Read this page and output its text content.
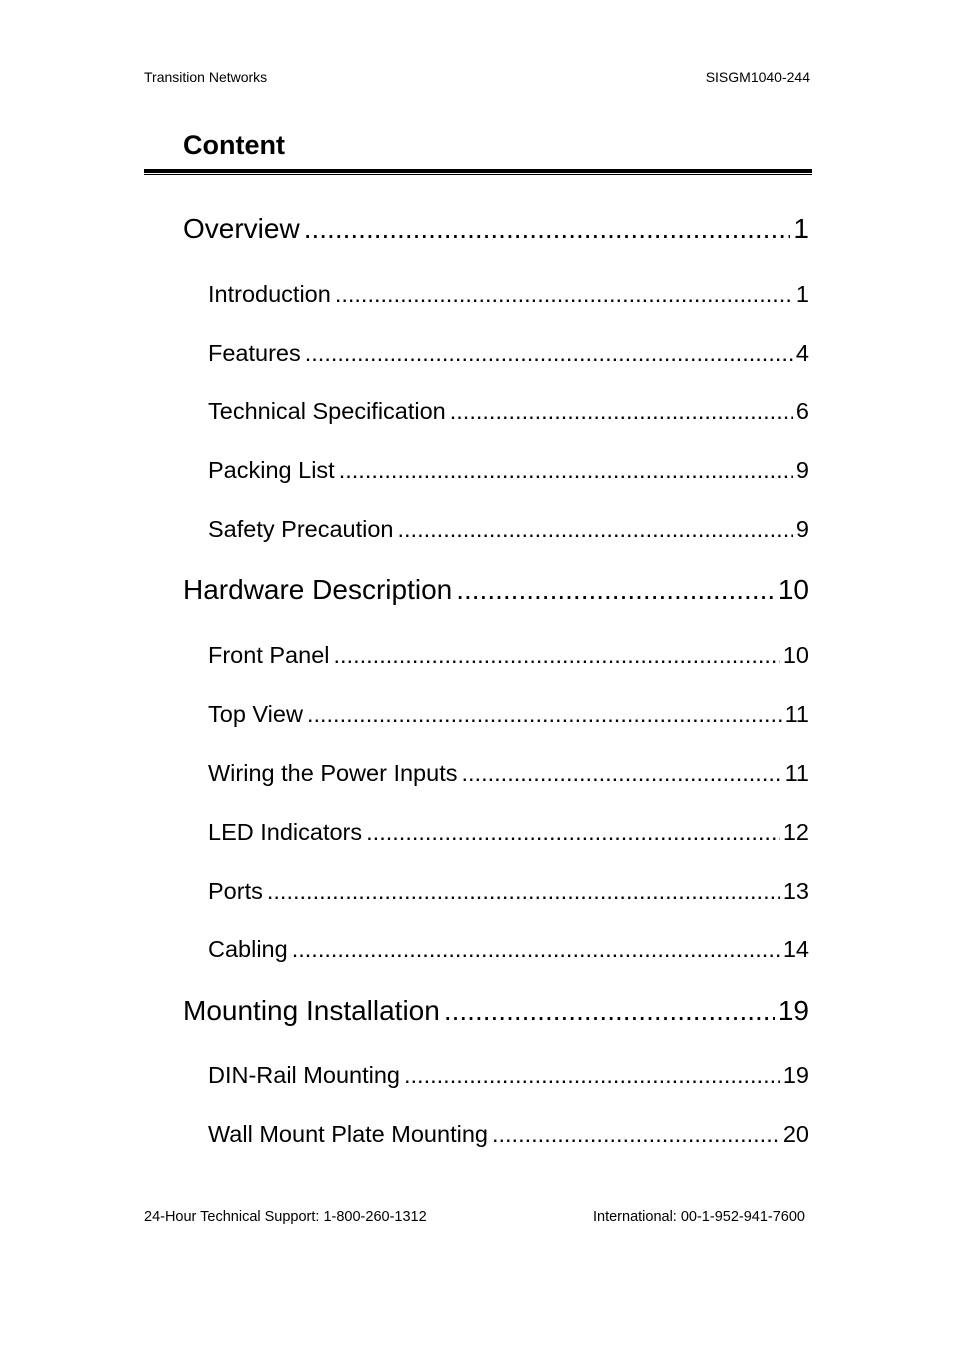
Transition Networks	SISGM1040-244
Content
Overview .....	1
Introduction .....	1
Features .....	4
Technical Specification .....	6
Packing List .....	9
Safety Precaution .....	9
Hardware Description .....	10
Front Panel .....	10
Top View .....	11
Wiring the Power Inputs .....	11
LED Indicators .....	12
Ports .....	13
Cabling .....	14
Mounting Installation .....	19
DIN-Rail Mounting .....	19
Wall Mount Plate Mounting .....	20
24-Hour Technical Support: 1-800-260-1312	International: 00-1-952-941-7600
